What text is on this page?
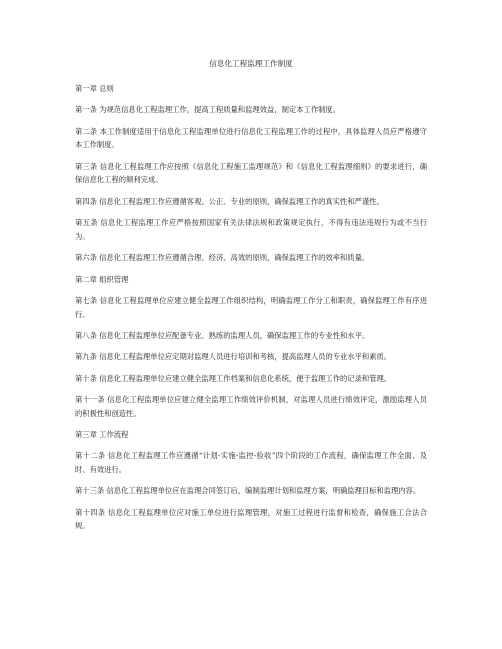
信息化工程监理工作制度

第一章 总则

第一条 为规范信息化工程监理工作，提高工程质量和监理效益，制定本工作制度。

第二条 本工作制度适用于信息化工程监理单位进行信息化工程监理工作的过程中，具体监理人员应严格遵守本工作制度。

第三条 信息化工程监理工作应按照《信息化工程施工监理规范》和《信息化工程监理细则》的要求进行，确保信息化工程的顺利完成。

第四条 信息化工程监理工作应遵循客观、公正、专业的原则，确保监理工作的真实性和严谨性。

第五条 信息化工程监理工作应严格按照国家有关法律法规和政策规定执行，不得有违法违规行为或不当行为。

第六条 信息化工程监理工作应遵循合理、经济、高效的原则，确保监理工作的效率和质量。

第二章 组织管理

第七条 信息化工程监理单位应建立健全监理工作组织结构，明确监理工作分工和职责，确保监理工作有序进行。

第八条 信息化工程监理单位应配备专业、熟练的监理人员，确保监理工作的专业性和水平。

第九条 信息化工程监理单位应定期对监理人员进行培训和考核，提高监理人员的专业水平和素质。

第十条 信息化工程监理单位应建立健全监理工作档案和信息化系统，便于监理工作的记录和管理。

第十一条 信息化工程监理单位应建立健全监理工作绩效评价机制，对监理人员进行绩效评定，激励监理人员的积极性和创造性。

第三章 工作流程

第十二条 信息化工程监理工作应遵循“计划-实施-监控-验收”四个阶段的工作流程，确保监理工作全面、及时、有效进行。

第十三条 信息化工程监理单位应在监理合同签订后，编制监理计划和监理方案，明确监理目标和监理内容。

第十四条 信息化工程监理单位应对施工单位进行监理管理，对施工过程进行监督和检查，确保施工合法合规。
